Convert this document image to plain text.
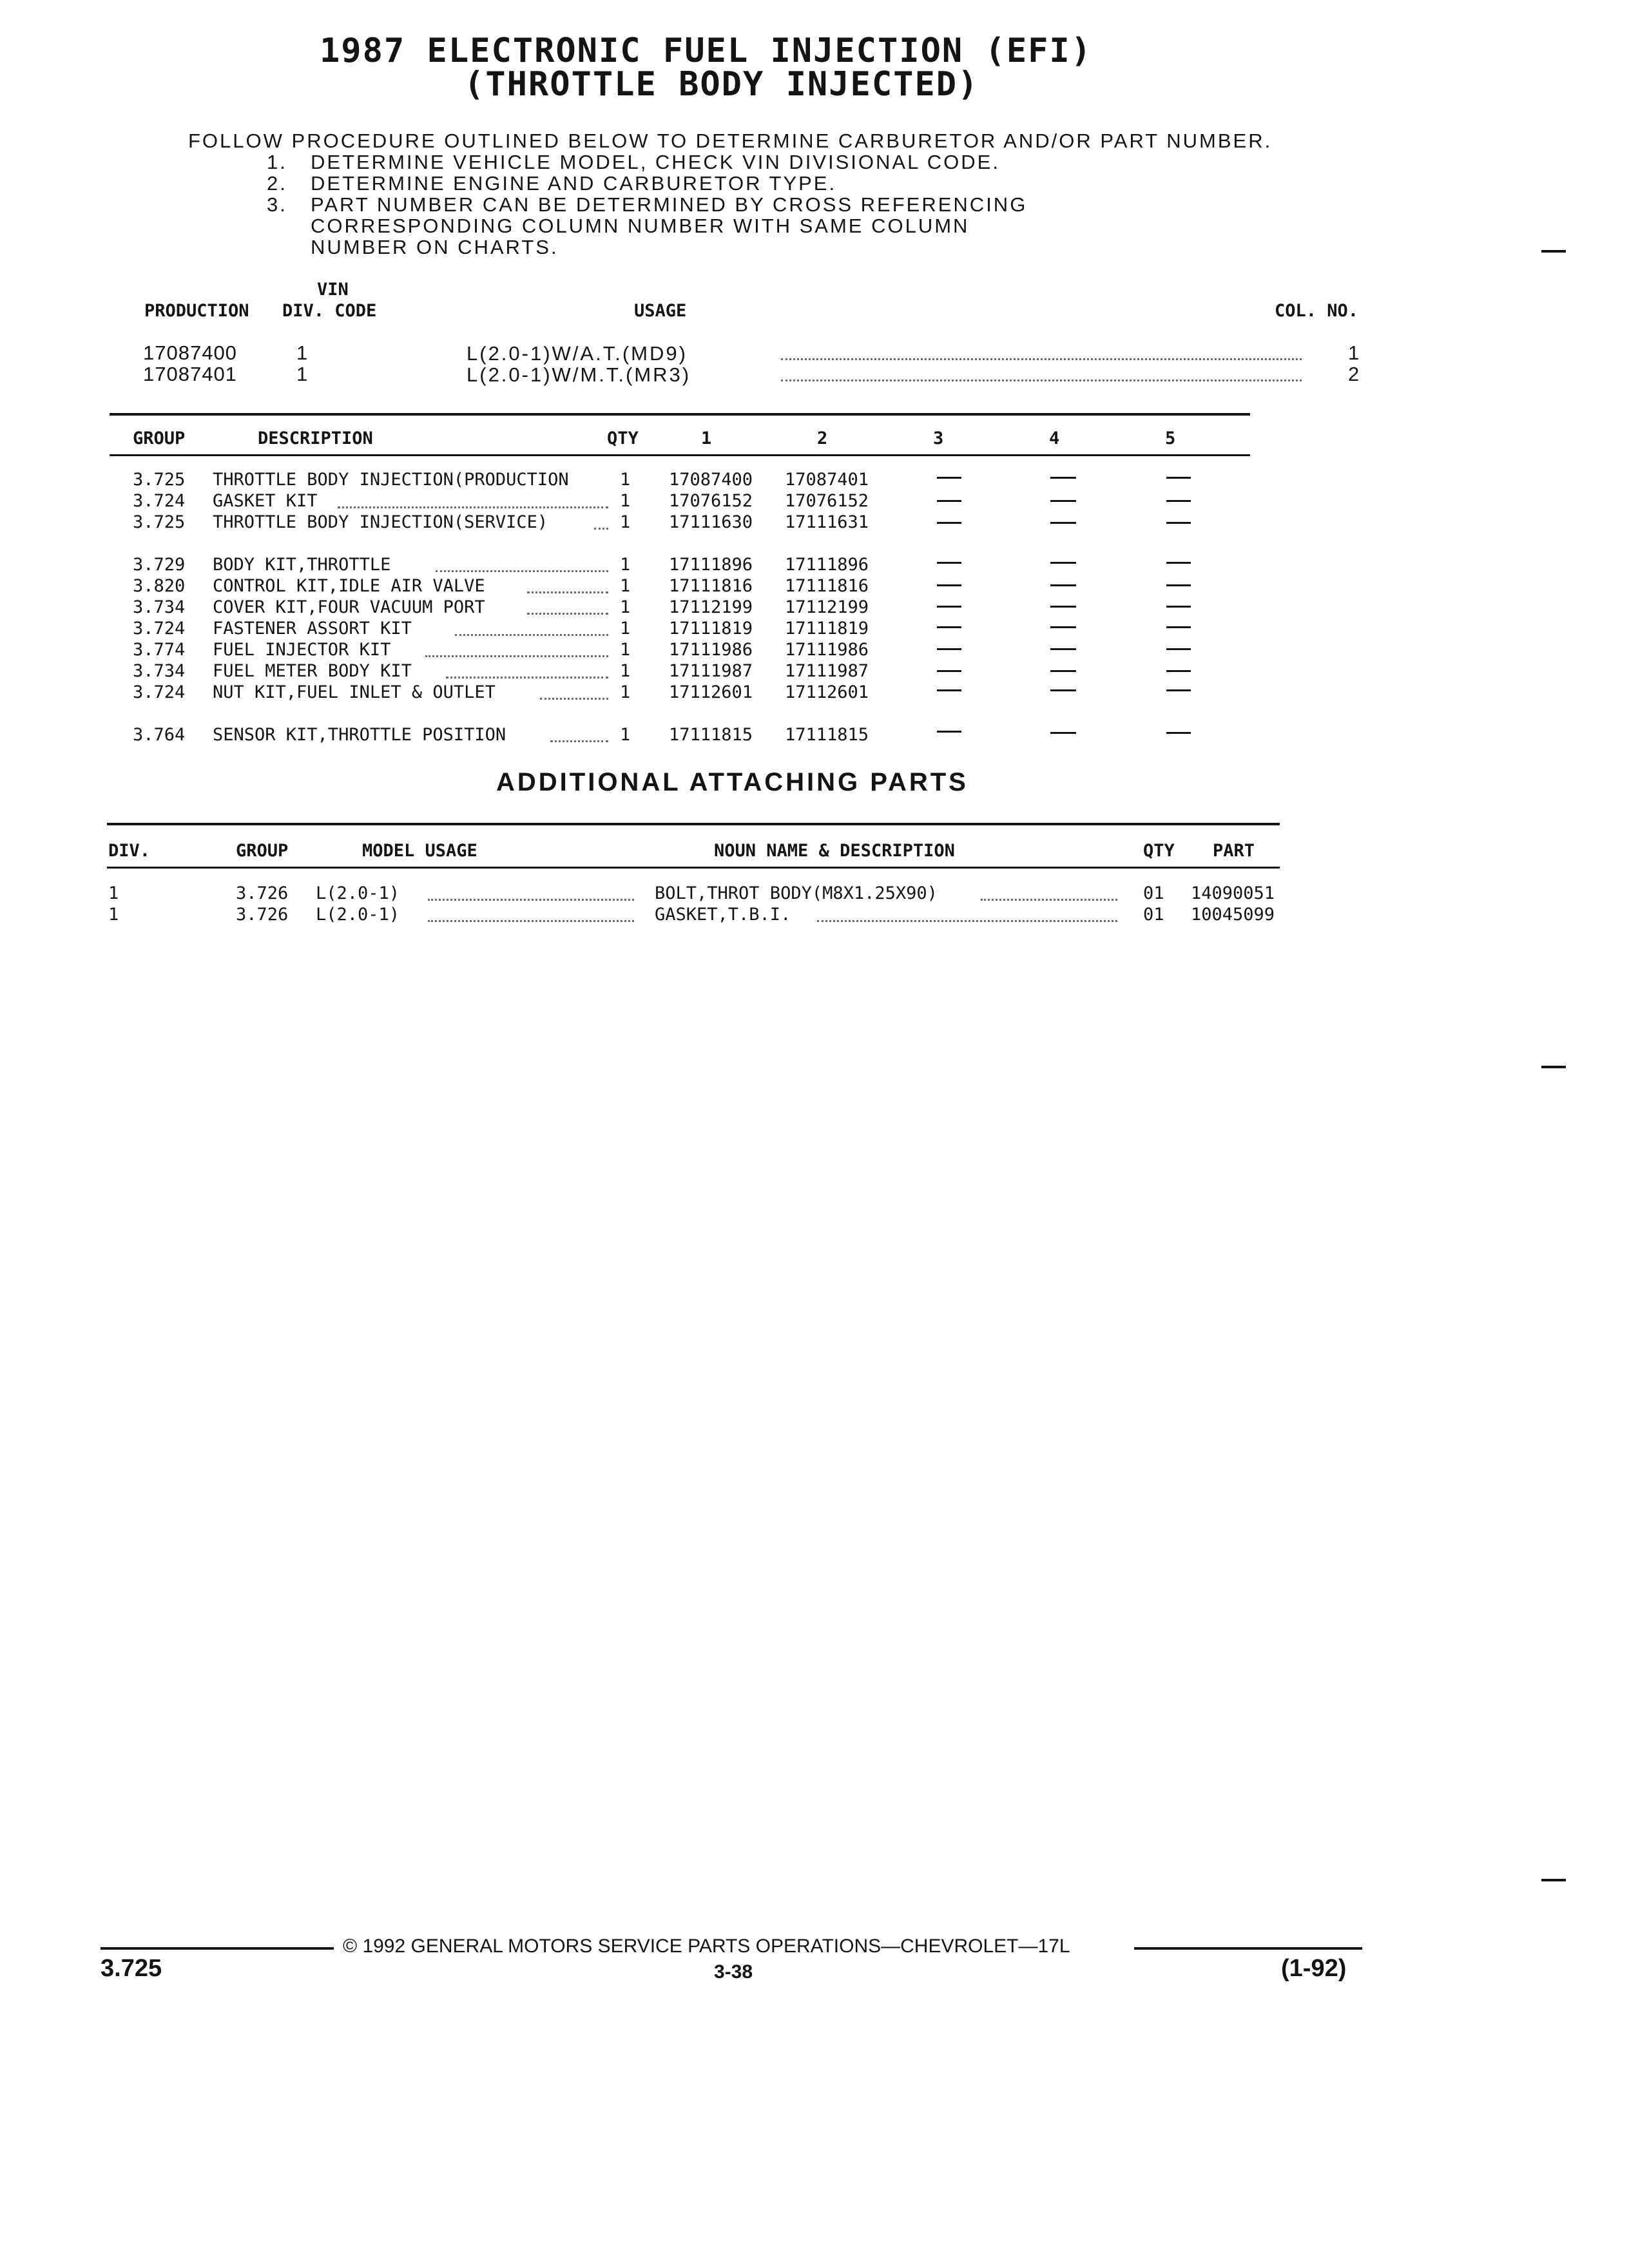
1987 ELECTRONIC FUEL INJECTION (EFI)
(THROTTLE BODY INJECTED)
FOLLOW PROCEDURE OUTLINED BELOW TO DETERMINE CARBURETOR AND/OR PART NUMBER.
1. DETERMINE VEHICLE MODEL, CHECK VIN DIVISIONAL CODE.
2. DETERMINE ENGINE AND CARBURETOR TYPE.
3. PART NUMBER CAN BE DETERMINED BY CROSS REFERENCING
CORRESPONDING COLUMN NUMBER WITH SAME COLUMN
NUMBER ON CHARTS.
VIN
PRODUCTION DIV. CODE	USAGE	COL. NO.
17087400	1	L(2.0-1)W/A.T.(MD9)	1
17087401	1	L(2.0-1)W/M.T.(MR3)	2
GROUP	DESCRIPTION	QTY	1	2	3	4	5
3.725 THROTTLE BODY INJECTION(PRODUCTION	1 17087400 17087401
3.724 GASKET KIT	1 17076152 17076152
3.725 THROTTLE BODY INJECTION(SERVICE)	1 17111630 17111631
3.729 BODY KIT,THROTTLE	1 17111896 17111896
3.820 CONTROL KIT,IDLE AIR VALVE	1 17111816 17111816
3.734 COVER KIT,FOUR VACUUM PORT	1 17112199 17112199
3.724 FASTENER ASSORT KIT	1 17111819 17111819
3.774 FUEL INJECTOR KIT	1 17111986 17111986
3.734 FUEL METER BODY KIT	1 17111987 17111987
3.724 NUT KIT,FUEL INLET & OUTLET	1 17112601 17112601
3.764 SENSOR KIT,THROTTLE POSITION	1 17111815 17111815
ADDITIONAL ATTACHING PARTS
DIV.	GROUP	MODEL USAGE	NOUN NAME & DESCRIPTION	QTY PART
1	3.726 L(2.0-1)	BOLT,THROT BODY(M8X1.25X90)	01 14090051
1	3.726 L(2.0-1)	GASKET,T.B.I.	01 10045099
© 1992 GENERAL MOTORS SERVICE PARTS OPERATIONS—CHEVROLET—17L
3.725	3-38	(1-92)
